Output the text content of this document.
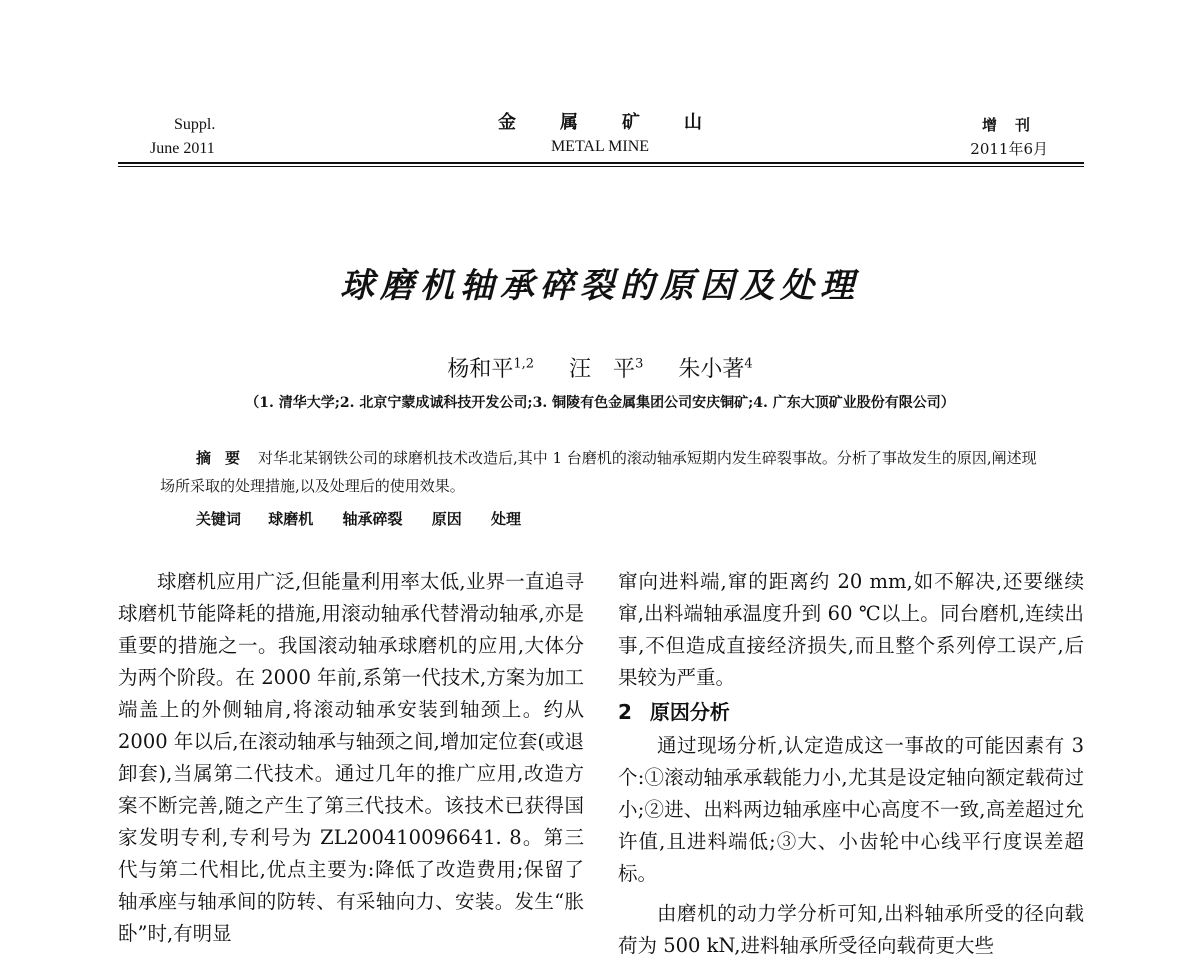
Suppl.
June 2011
金属矿山
METAL MINE
增刊
2011年6月
球磨机轴承碎裂的原因及处理
杨和平$^{1,2}$ 汪　平$^3$ 朱小著$^4$
（1. 清华大学;2. 北京宁蒙成诚科技开发公司;3. 铜陵有色金属集团公司安庆铜矿;4. 广东大顶矿业股份有限公司）
摘要 对华北某钢铁公司的球磨机技术改造后,其中 1 台磨机的滚动轴承短期内发生碎裂事故。分析了事故发生的原因,阐述现场所采取的处理措施,以及处理后的使用效果。
关键词 球磨机 轴承碎裂 原因 处理

球磨机应用广泛,但能量利用率太低,业界一直追寻球磨机节能降耗的措施,用滚动轴承代替滑动轴承,亦是重要的措施之一。我国滚动轴承球磨机的应用,大体分为两个阶段。在 2000 年前,系第一代技术,方案为加工端盖上的外侧轴肩,将滚动轴承安装到轴颈上。约从 2000 年以后,在滚动轴承与轴颈之间,增加定位套(或退卸套),当属第二代技术。通过几年的推广应用,改造方案不断完善,随之产生了第三代技术。该技术已获得国家发明专利,专利号为 ZL200410096641. 8。第三代与第二代相比,优点主要为:降低了改造费用;保留了轴承座与轴承间的防转、有采轴向力、安装。发生“胀卧”时,有明显

窜向进料端,窜的距离约 20 mm,如不解决,还要继续窜,出料端轴承温度升到 60 ℃以上。同台磨机,连续出事,不但造成直接经济损失,而且整个系列停工误产,后果较为严重。

2 原因分析

通过现场分析,认定造成这一事故的可能因素有 3 个:①滚动轴承承载能力小,尤其是设定轴向额定载荷过小;②进、出料两边轴承座中心高度不一致,高差超过允许值,且进料端低;③大、小齿轮中心线平行度误差超标。

由磨机的动力学分析可知,出料轴承所受的径向载荷为 500 kN,进料轴承所受径向载荷更大些
